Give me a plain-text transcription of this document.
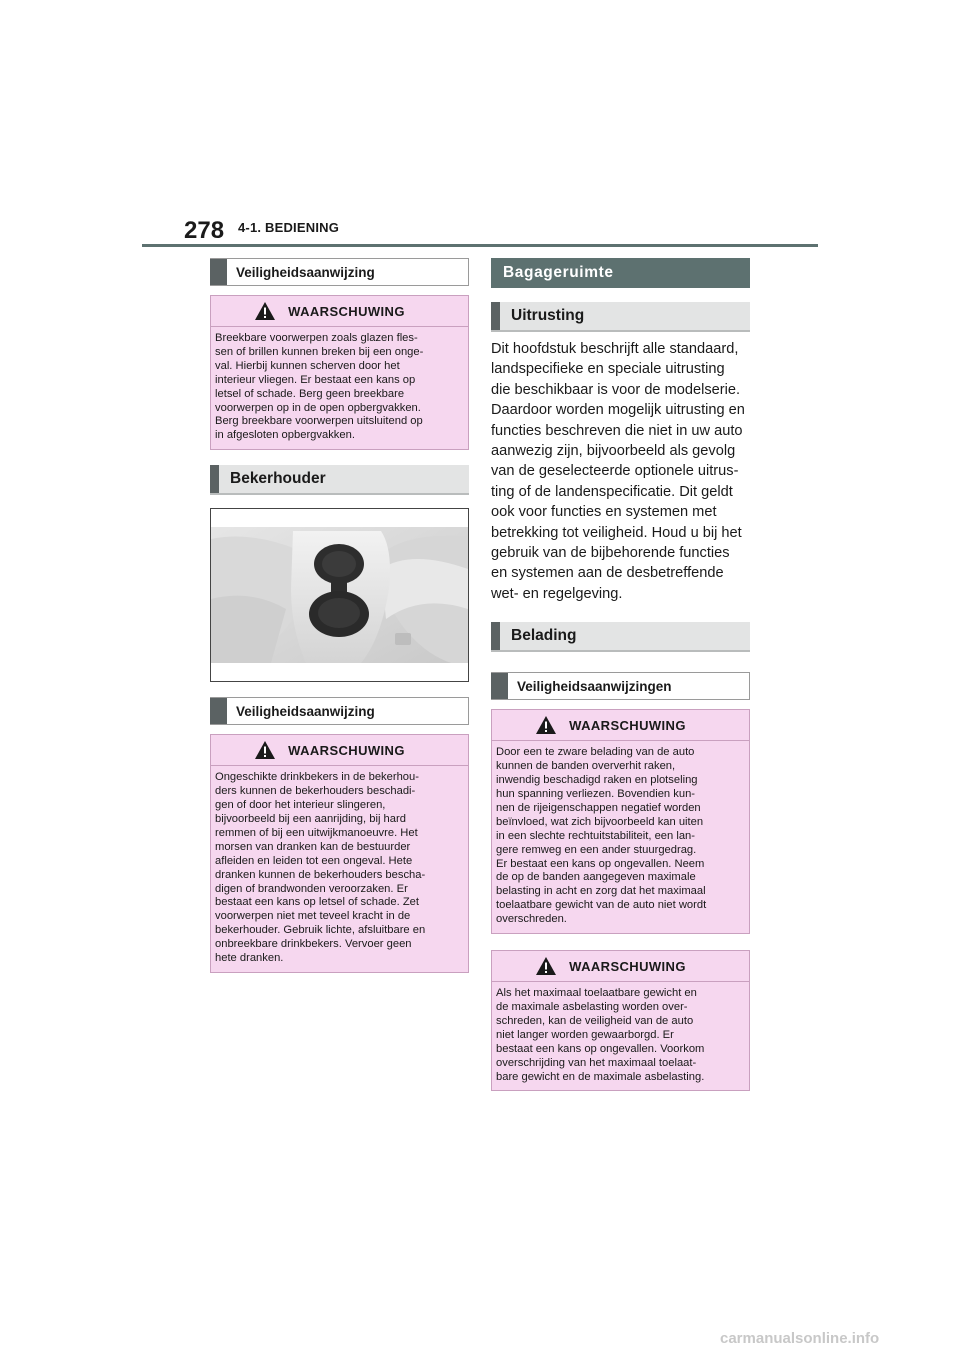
278 4-1. BEDIENING
Veiligheidsaanwijzing
WAARSCHUWING
Breekbare voorwerpen zoals glazen fles-
sen of brillen kunnen breken bij een onge-
val. Hierbij kunnen scherven door het
interieur vliegen. Er bestaat een kans op
letsel of schade. Berg geen breekbare
voorwerpen op in de open opbergvakken.
Berg breekbare voorwerpen uitsluitend op
in afgesloten opbergvakken.
Bekerhouder
Veiligheidsaanwijzing
WAARSCHUWING
Ongeschikte drinkbekers in de bekerhou-
ders kunnen de bekerhouders beschadi-
gen of door het interieur slingeren,
bijvoorbeeld bij een aanrijding, bij hard
remmen of bij een uitwijkmanoeuvre. Het
morsen van dranken kan de bestuurder
afleiden en leiden tot een ongeval. Hete
dranken kunnen de bekerhouders bescha-
digen of brandwonden veroorzaken. Er
bestaat een kans op letsel of schade. Zet
voorwerpen niet met teveel kracht in de
bekerhouder. Gebruik lichte, afsluitbare en
onbreekbare drinkbekers. Vervoer geen
hete dranken.
Bagageruimte
Uitrusting
Dit hoofdstuk beschrijft alle standaard,
landspecifieke en speciale uitrusting
die beschikbaar is voor de modelserie.
Daardoor worden mogelijk uitrusting en
functies beschreven die niet in uw auto
aanwezig zijn, bijvoorbeeld als gevolg
van de geselecteerde optionele uitrus-
ting of de landenspecificatie. Dit geldt
ook voor functies en systemen met
betrekking tot veiligheid. Houd u bij het
gebruik van de bijbehorende functies
en systemen aan de desbetreffende
wet- en regelgeving.
Belading
Veiligheidsaanwijzingen
WAARSCHUWING
Door een te zware belading van de auto
kunnen de banden oververhit raken,
inwendig beschadigd raken en plotseling
hun spanning verliezen. Bovendien kun-
nen de rijeigenschappen negatief worden
beïnvloed, wat zich bijvoorbeeld kan uiten
in een slechte rechtuitstabiliteit, een lan-
gere remweg en een ander stuurgedrag.
Er bestaat een kans op ongevallen. Neem
de op de banden aangegeven maximale
belasting in acht en zorg dat het maximaal
toelaatbare gewicht van de auto niet wordt
overschreden.
WAARSCHUWING
Als het maximaal toelaatbare gewicht en
de maximale asbelasting worden over-
schreden, kan de veiligheid van de auto
niet langer worden gewaarborgd. Er
bestaat een kans op ongevallen. Voorkom
overschrijding van het maximaal toelaat-
bare gewicht en de maximale asbelasting.
carmanualsonline.info
